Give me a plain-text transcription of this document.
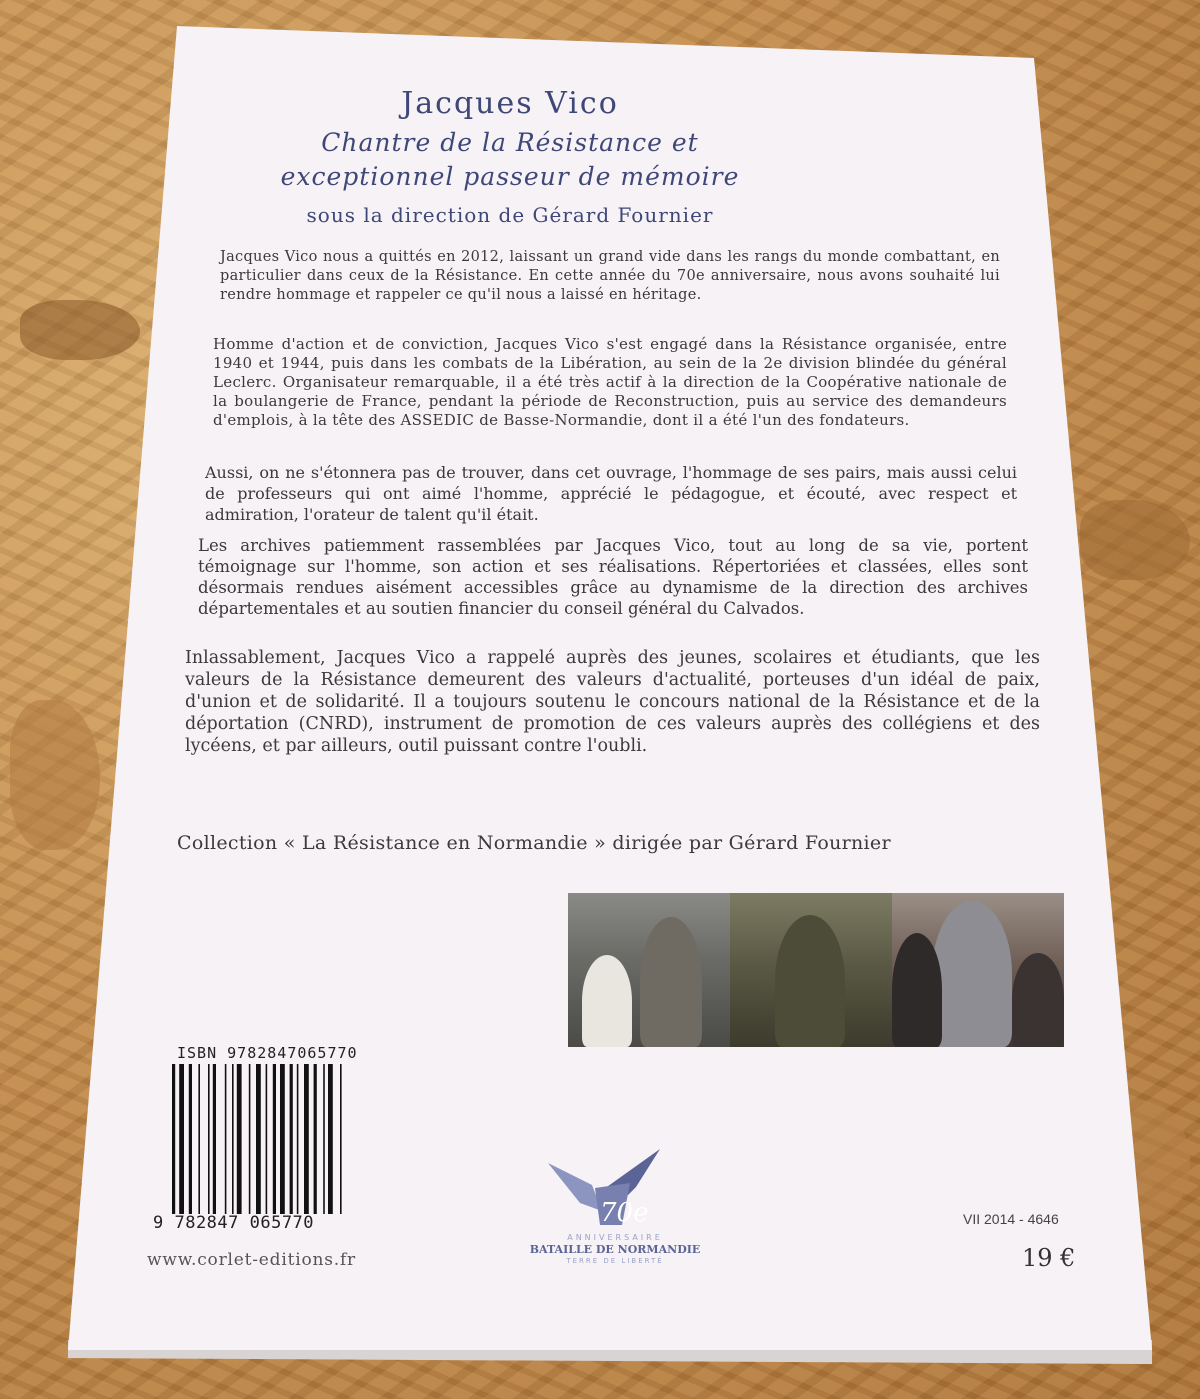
Jacques Vico
Chantre de la Résistance et
exceptionnel passeur de mémoire
sous la direction de Gérard Fournier
Jacques Vico nous a quittés en 2012, laissant un grand vide dans les rangs du monde combattant, en particulier dans ceux de la Résistance. En cette année du 70e anniversaire, nous avons souhaité lui rendre hommage et rappeler ce qu'il nous a laissé en héritage.
Homme d'action et de conviction, Jacques Vico s'est engagé dans la Résistance organisée, entre 1940 et 1944, puis dans les combats de la Libération, au sein de la 2e division blindée du général Leclerc. Organisateur remarquable, il a été très actif à la direction de la Coopérative nationale de la boulangerie de France, pendant la période de Reconstruction, puis au service des demandeurs d'emplois, à la tête des ASSEDIC de Basse-Normandie, dont il a été l'un des fondateurs.
Aussi, on ne s'étonnera pas de trouver, dans cet ouvrage, l'hommage de ses pairs, mais aussi celui de professeurs qui ont aimé l'homme, apprécié le pédagogue, et écouté, avec respect et admiration, l'orateur de talent qu'il était.
Les archives patiemment rassemblées par Jacques Vico, tout au long de sa vie, portent témoignage sur l'homme, son action et ses réalisations. Répertoriées et classées, elles sont désormais rendues aisément accessibles grâce au dynamisme de la direction des archives départementales et au soutien financier du conseil général du Calvados.
Inlassablement, Jacques Vico a rappelé auprès des jeunes, scolaires et étudiants, que les valeurs de la Résistance demeurent des valeurs d'actualité, porteuses d'un idéal de paix, d'union et de solidarité. Il a toujours soutenu le concours national de la Résistance et de la déportation (CNRD), instrument de promotion de ces valeurs auprès des collégiens et des lycéens, et par ailleurs, outil puissant contre l'oubli.
Collection « La Résistance en Normandie » dirigée par Gérard Fournier
ISBN 9782847065770
9 782847 065770
www.corlet-editions.fr
70e
ANNIVERSAIRE
BATAILLE DE NORMANDIE
TERRE DE LIBERTÉ
VII 2014 - 4646
19 €
